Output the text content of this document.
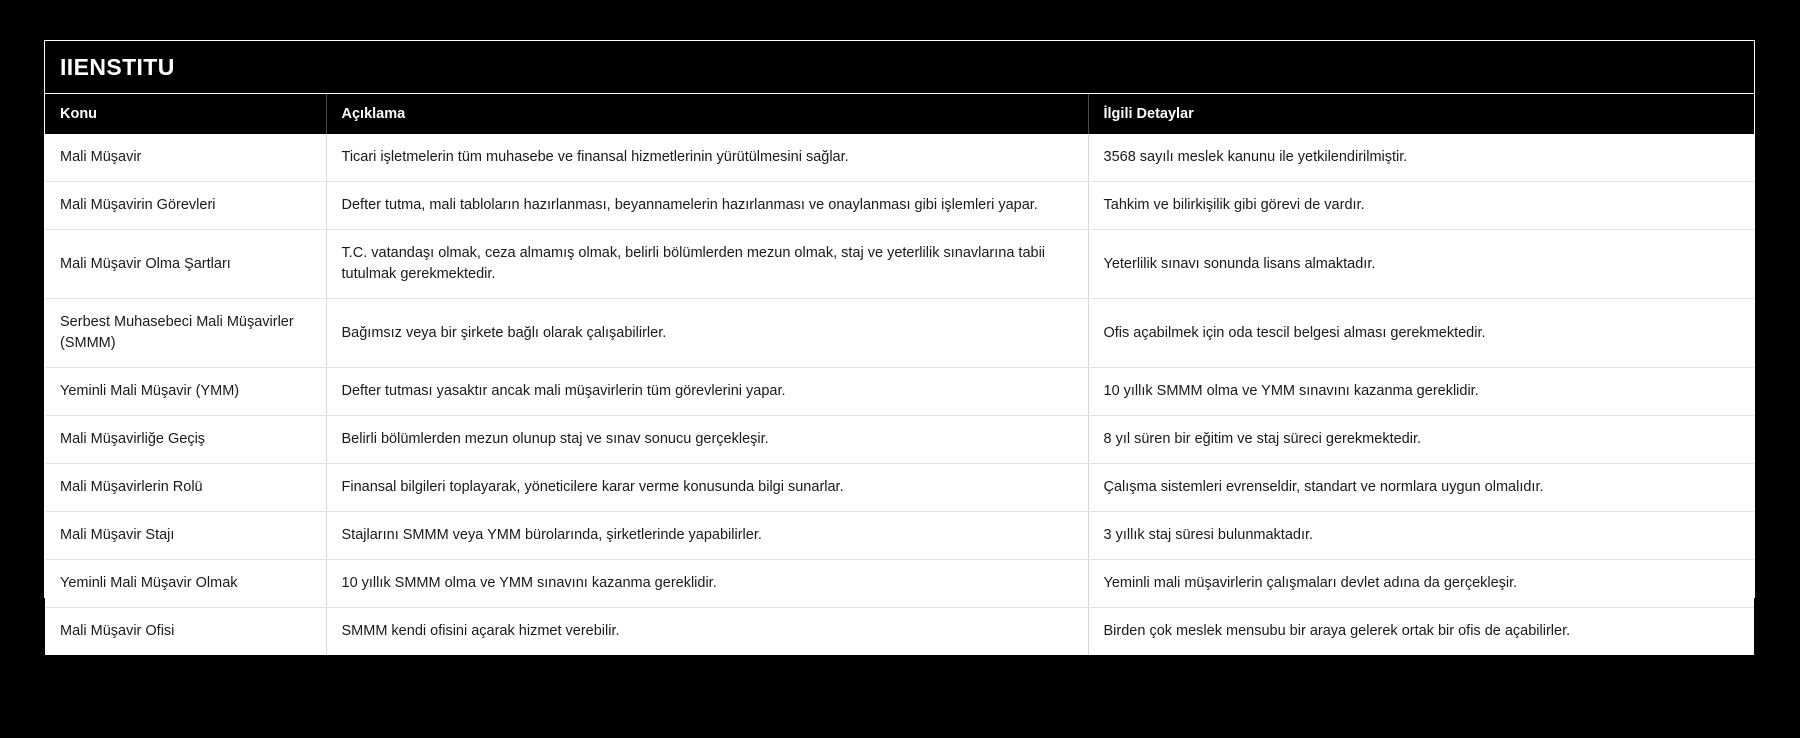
IIENSTITU
Konu	Açıklama	İlgili Detaylar
Mali Müşavir	Ticari işletmelerin tüm muhasebe ve finansal hizmetlerinin yürütülmesini sağlar.	3568 sayılı meslek kanunu ile yetkilendirilmiştir.
Mali Müşavirin Görevleri	Defter tutma, mali tabloların hazırlanması, beyannamelerin hazırlanması ve onaylanması gibi işlemleri yapar.	Tahkim ve bilirkişilik gibi görevi de vardır.
Mali Müşavir Olma Şartları	T.C. vatandaşı olmak, ceza almamış olmak, belirli bölümlerden mezun olmak, staj ve yeterlilik sınavlarına tabii tutulmak gerekmektedir.	Yeterlilik sınavı sonunda lisans almaktadır.
Serbest Muhasebeci Mali Müşavirler (SMMM)	Bağımsız veya bir şirkete bağlı olarak çalışabilirler.	Ofis açabilmek için oda tescil belgesi alması gerekmektedir.
Yeminli Mali Müşavir (YMM)	Defter tutması yasaktır ancak mali müşavirlerin tüm görevlerini yapar.	10 yıllık SMMM olma ve YMM sınavını kazanma gereklidir.
Mali Müşavirliğe Geçiş	Belirli bölümlerden mezun olunup staj ve sınav sonucu gerçekleşir.	8 yıl süren bir eğitim ve staj süreci gerekmektedir.
Mali Müşavirlerin Rolü	Finansal bilgileri toplayarak, yöneticilere karar verme konusunda bilgi sunarlar.	Çalışma sistemleri evrenseldir, standart ve normlara uygun olmalıdır.
Mali Müşavir Stajı	Stajlarını SMMM veya YMM bürolarında, şirketlerinde yapabilirler.	3 yıllık staj süresi bulunmaktadır.
Yeminli Mali Müşavir Olmak	10 yıllık SMMM olma ve YMM sınavını kazanma gereklidir.	Yeminli mali müşavirlerin çalışmaları devlet adına da gerçekleşir.
Mali Müşavir Ofisi	SMMM kendi ofisini açarak hizmet verebilir.	Birden çok meslek mensubu bir araya gelerek ortak bir ofis de açabilirler.
